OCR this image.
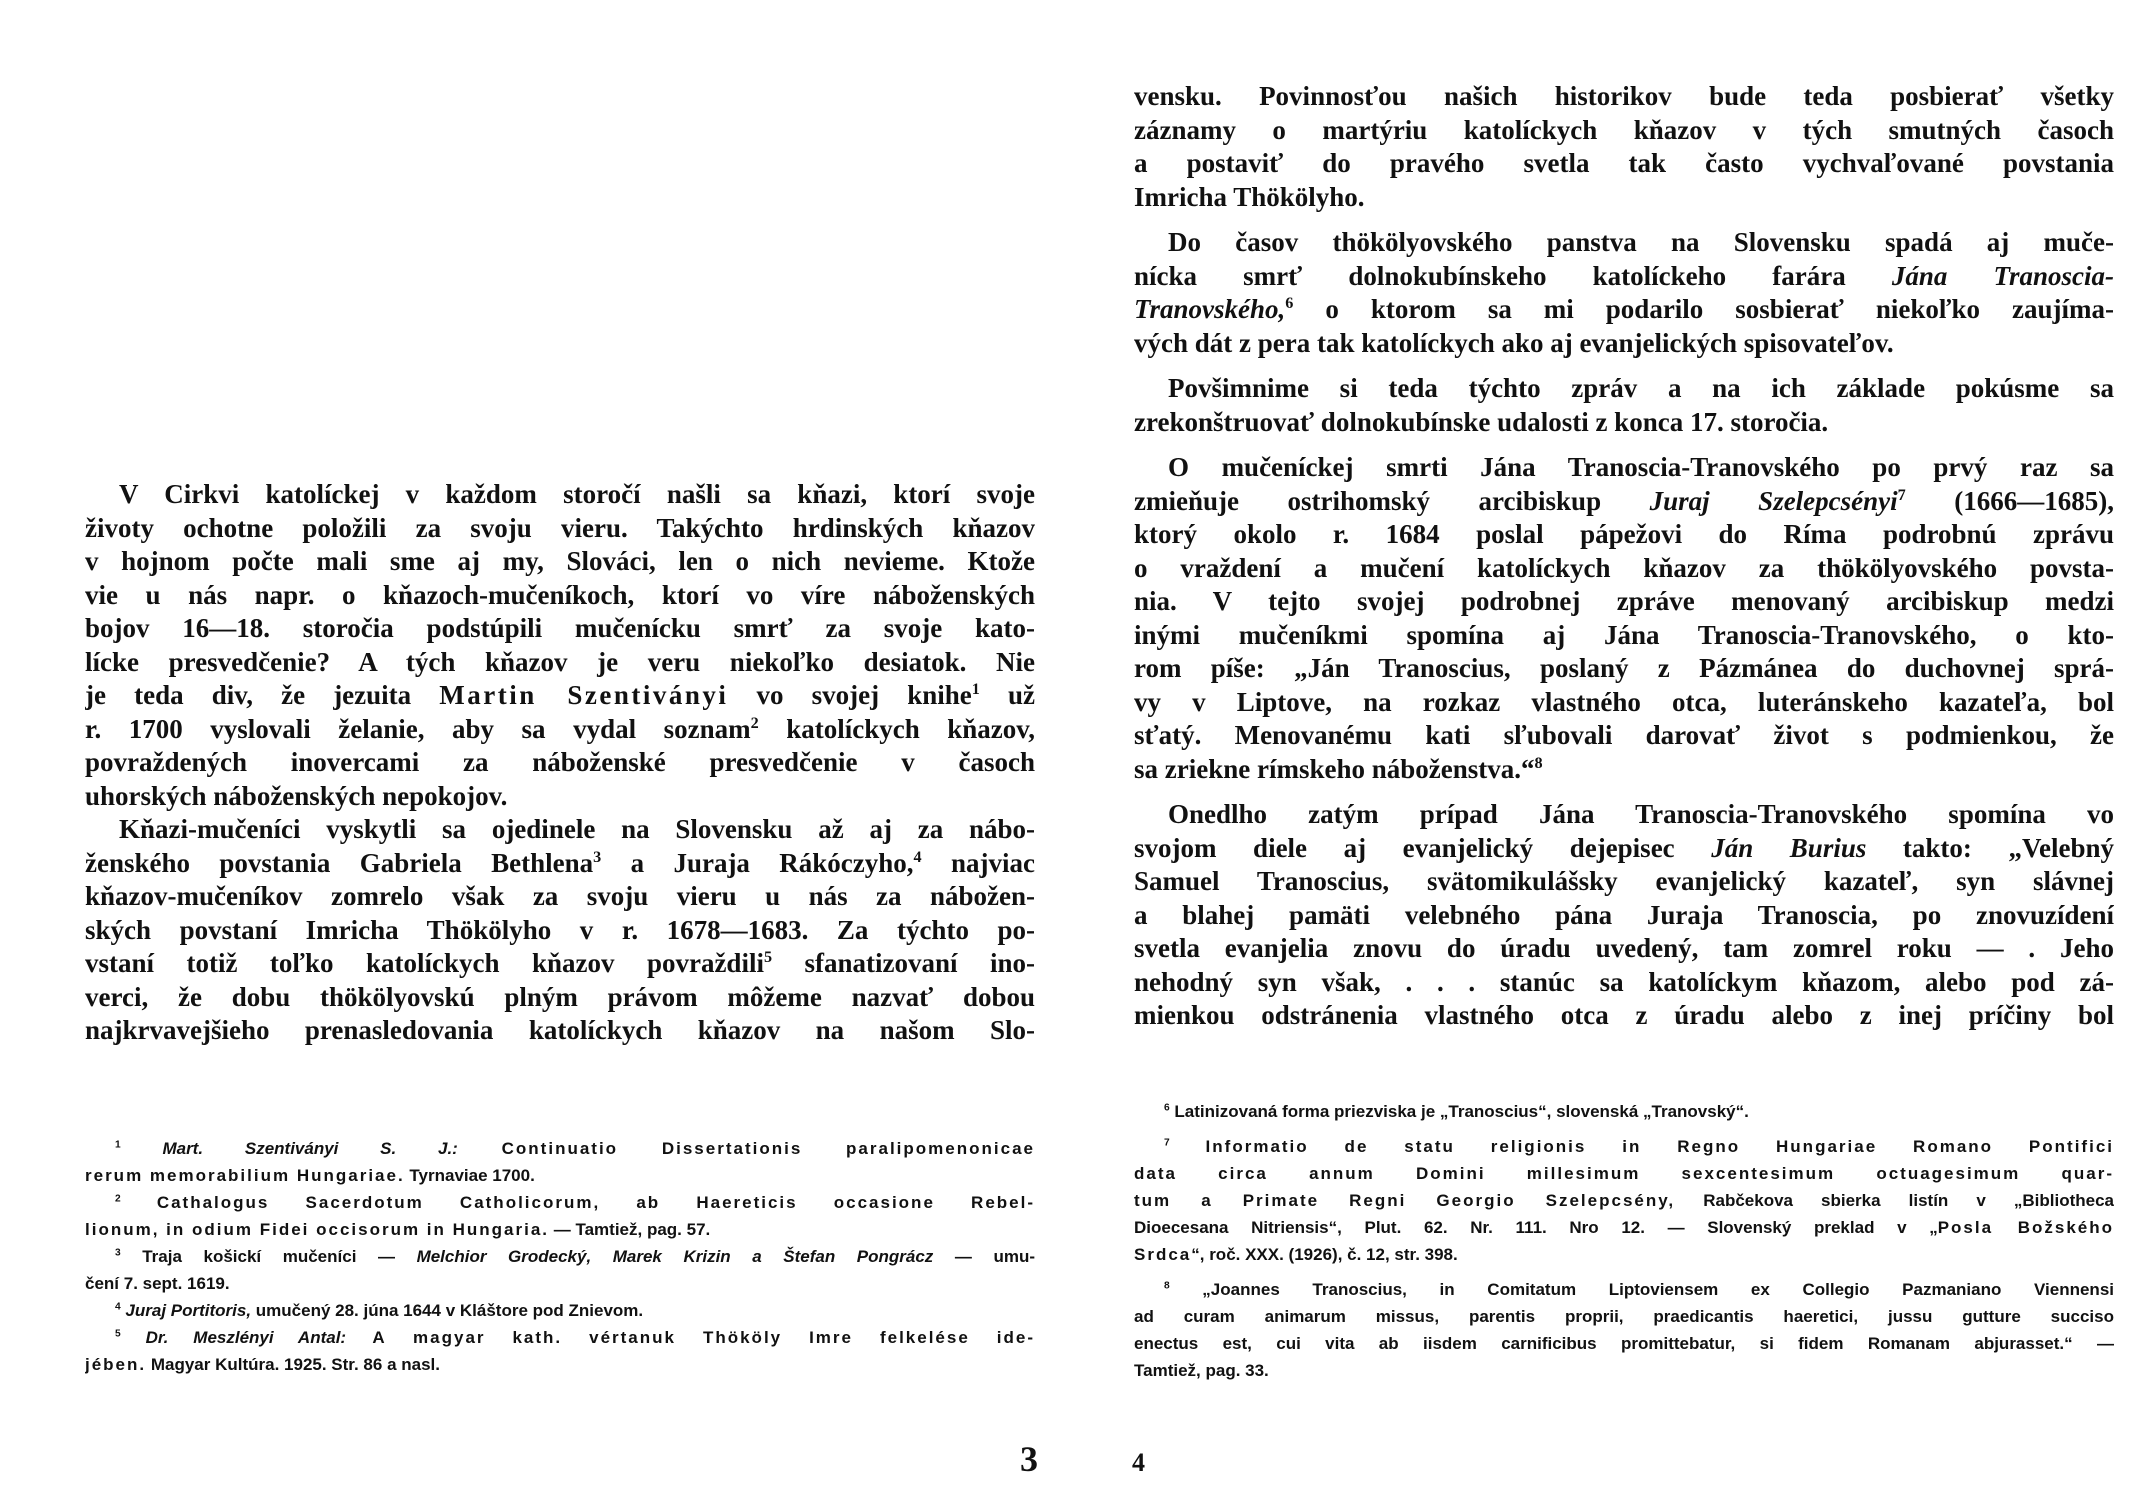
V Cirkvi katolíckej v každom storočí našli sa kňazi, ktorí svoje
životy ochotne položili za svoju vieru. Takýchto hrdinských kňazov
v hojnom počte mali sme aj my, Slováci, len o nich nevieme. Ktože
vie u nás napr. o kňazoch-mučeníkoch, ktorí vo víre náboženských
bojov 16—18. storočia podstúpili mučenícku smrť za svoje kato-
lícke presvedčenie? A tých kňazov je veru niekoľko desiatok. Nie
je teda div, že jezuita Martin Szentiványi vo svojej knihe$^1$ už
r. 1700 vyslovali želanie, aby sa vydal soznam$^2$ katolíckych kňazov,
povraždených inovercami za náboženské presvedčenie v časoch
uhorských náboženských nepokojov.
Kňazi-mučeníci vyskytli sa ojedinele na Slovensku až aj za nábo-
ženského povstania Gabriela Bethlena$^3$ a Juraja Rákóczyho,$^4$ najviac
kňazov-mučeníkov zomrelo však za svoju vieru u nás za nábožen-
ských povstaní Imricha Thökölyho v r. 1678—1683. Za týchto po-
vstaní totiž toľko katolíckych kňazov povraždili$^5$ sfanatizovaní ino-
verci, že dobu thökölyovskú plným právom môžeme nazvať dobou
najkrvavejšieho prenasledovania katolíckych kňazov na našom Slo-
$^1$ Mart. Szentiványi S. J.: Continuatio Dissertationis paralipomenonicae
rerum memorabilium Hungariae. Tyrnaviae 1700.
$^2$ Cathalogus Sacerdotum Catholicorum, ab Haereticis occasione Rebel-
lionum, in odium Fidei occisorum in Hungaria. — Tamtiež, pag. 57.
$^3$ Traja košickí mučeníci — Melchior Grodecký, Marek Krizin a Štefan Pongrácz — umu-
čení 7. sept. 1619.
$^4$ Juraj Portitoris, umučený 28. júna 1644 v Kláštore pod Znievom.
$^5$ Dr. Meszlényi Antal: A magyar kath. vértanuk Thököly Imre felkelése ide-
jében. Magyar Kultúra. 1925. Str. 86 a nasl.
3
vensku. Povinnosťou našich historikov bude teda posbierať všetky
záznamy o martýriu katolíckych kňazov v tých smutných časoch
a postaviť do pravého svetla tak často vychvaľované povstania
Imricha Thökölyho.
Do časov thökölyovského panstva na Slovensku spadá aj muče-
nícka smrť dolnokubínskeho katolíckeho farára Jána Tranoscia-
Tranovského,$^6$ o ktorom sa mi podarilo sosbierať niekoľko zaujíma-
vých dát z pera tak katolíckych ako aj evanjelických spisovateľov.
Povšimnime si teda týchto zpráv a na ich základe pokúsme sa
zrekonštruovať dolnokubínske udalosti z konca 17. storočia.
O mučeníckej smrti Jána Tranoscia-Tranovského po prvý raz sa
zmieňuje ostrihomský arcibiskup Juraj Szelepcsényi$^7$ (1666—1685),
ktorý okolo r. 1684 poslal pápežovi do Ríma podrobnú zprávu
o vraždení a mučení katolíckych kňazov za thökölyovského povsta-
nia. V tejto svojej podrobnej zpráve menovaný arcibiskup medzi
inými mučeníkmi spomína aj Jána Tranoscia-Tranovského, o kto-
rom píše: „Ján Tranoscius, poslaný z Pázmánea do duchovnej sprá-
vy v Liptove, na rozkaz vlastného otca, luteránskeho kazateľa, bol
sťatý. Menovanému kati sľubovali darovať život s podmienkou, že
sa zriekne rímskeho náboženstva.“$^8$
Onedlho zatým prípad Jána Tranoscia-Tranovského spomína vo
svojom diele aj evanjelický dejepisec Ján Burius takto: „Velebný
Samuel Tranoscius, svätomikulášsky evanjelický kazateľ, syn slávnej
a blahej pamäti velebného pána Juraja Tranoscia, po znovuzídení
svetla evanjelia znovu do úradu uvedený, tam zomrel roku — . Jeho
nehodný syn však, . . . stanúc sa katolíckym kňazom, alebo pod zá-
mienkou odstránenia vlastného otca z úradu alebo z inej príčiny bol
$^6$ Latinizovaná forma priezviska je „Tranoscius“, slovenská „Tranovský“.
$^7$ Informatio de statu religionis in Regno Hungariae Romano Pontifici
data circa annum Domini millesimum sexcentesimum octuagesimum quar-
tum a Primate Regni Georgio Szelepcsény, Rabčekova sbierka listín v „Bibliotheca
Dioecesana Nitriensis“, Plut. 62. Nr. 111. Nro 12. — Slovenský preklad v „Posla Božského
Srdca“, roč. XXX. (1926), č. 12, str. 398.
$^8$ „Joannes Tranoscius, in Comitatum Liptoviensem ex Collegio Pazmaniano Viennensi
ad curam animarum missus, parentis proprii, praedicantis haeretici, jussu gutture succiso
enectus est, cui vita ab iisdem carnificibus promittebatur, si fidem Romanam abjurasset.“ —
Tamtiež, pag. 33.
4
